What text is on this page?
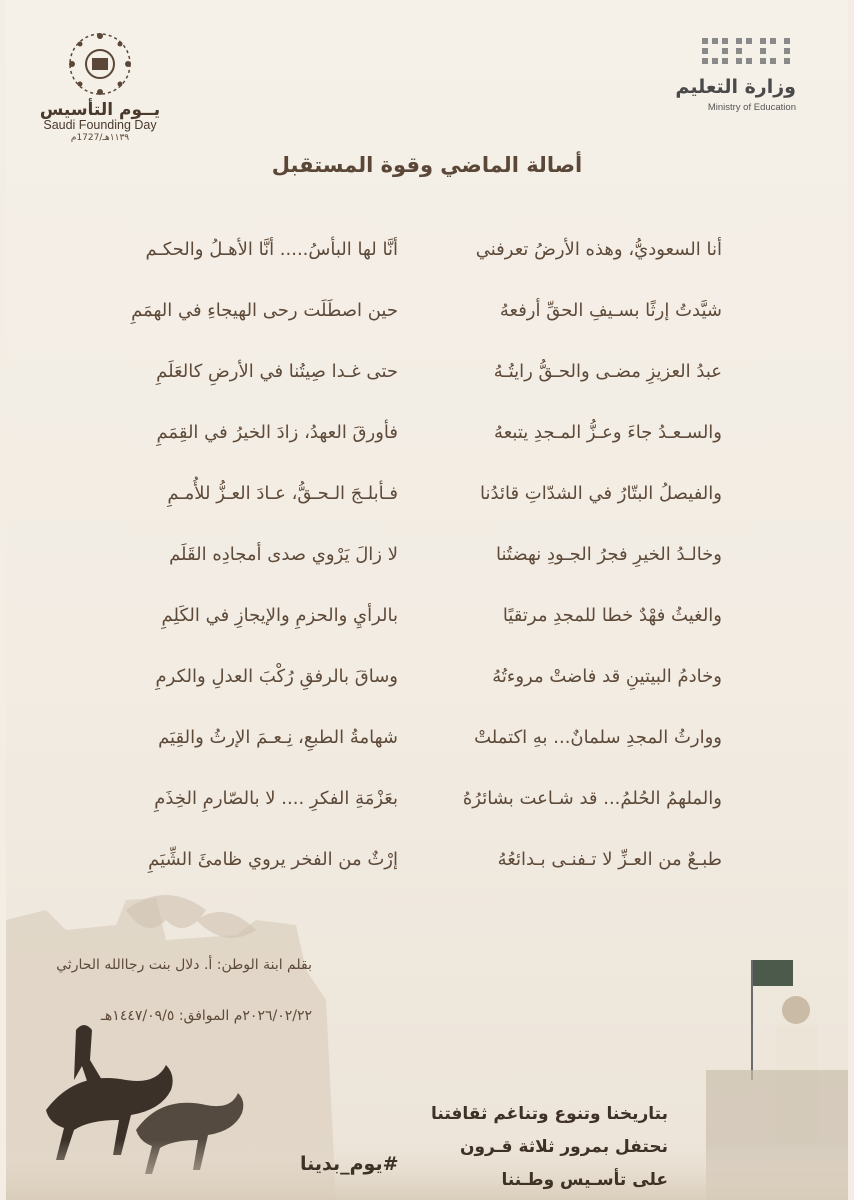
يــوم التأسيس
Saudi Founding Day
١١٣٩هـ/1727م
وزارة التعليم
Ministry of Education
أصالة الماضي وقوة المستقبل
أنا السعوديُّ، وهذه الأرضُ تعرفني
أنَّا لها البأسُ..... أنَّا الأهـلُ والحكـم
شيَّدتُ إرثًا بسـيفِ الحقِّ أرفعهُ
حين اصطَلَت رحى الهيجاءِ في الهمَمِ
عبدُ العزيزِ مضـى والحـقُّ رايتُـهُ
حتى غـدا صِيتُنا في الأرضِ كالعَلَمِ
والسـعـدُ جاءَ وعـزُّ المـجدِ يتبعهُ
فأورقَ العهدُ، زادَ الخيرُ في القِمَمِ
والفيصلُ البتّارُ في الشدّاتِ قائدُنا
فـأبلـجَ الـحـقُّ، عـادَ العـزُّ للأُمـمِ
وخالـدُ الخيرِ فجرُ الجـودِ نهضتُنا
لا زالَ يَرْوي صدى أمجادِه القَلَم
والغيثُ فهْدٌ خطا للمجدِ مرتقيًا
بالرأيِ والحزمِ والإيجازِ في الكَلِمِ
وخادمُ البيتينِ قد فاضتْ مروءتُهُ
وساقَ بالرفقِ رُكْبَ العدلِ والكرمِ
ووارثُ المجدِ سلمانٌ... بهِ اكتملتْ
شهامةُ الطبعِ، نِـعـمَ الإرثُ والقِيَم
والملهمُ الحُلمُ... قد شـاعت بشائرُهُ
بعَزْمَةِ الفكرِ .... لا بالصّارمِ الخِذَمِ
طبـعٌ من العـزِّ لا تـفنـى بـدائعُهُ
إرْثٌ من الفخر يروي ظامئَ الشِّيَمِ
بقلم ابنة الوطن: أ. دلال بنت رجاالله الحارثي
٢٠٢٦/٠٢/٢٢م الموافق: ١٤٤٧/٠٩/٥هـ
بتاريخنا وتنوع وتناغم ثقافتنا
نحتفل بمرور ثلاثة قـرون
على تأسـيس وطـننا
#يوم_بدينا
